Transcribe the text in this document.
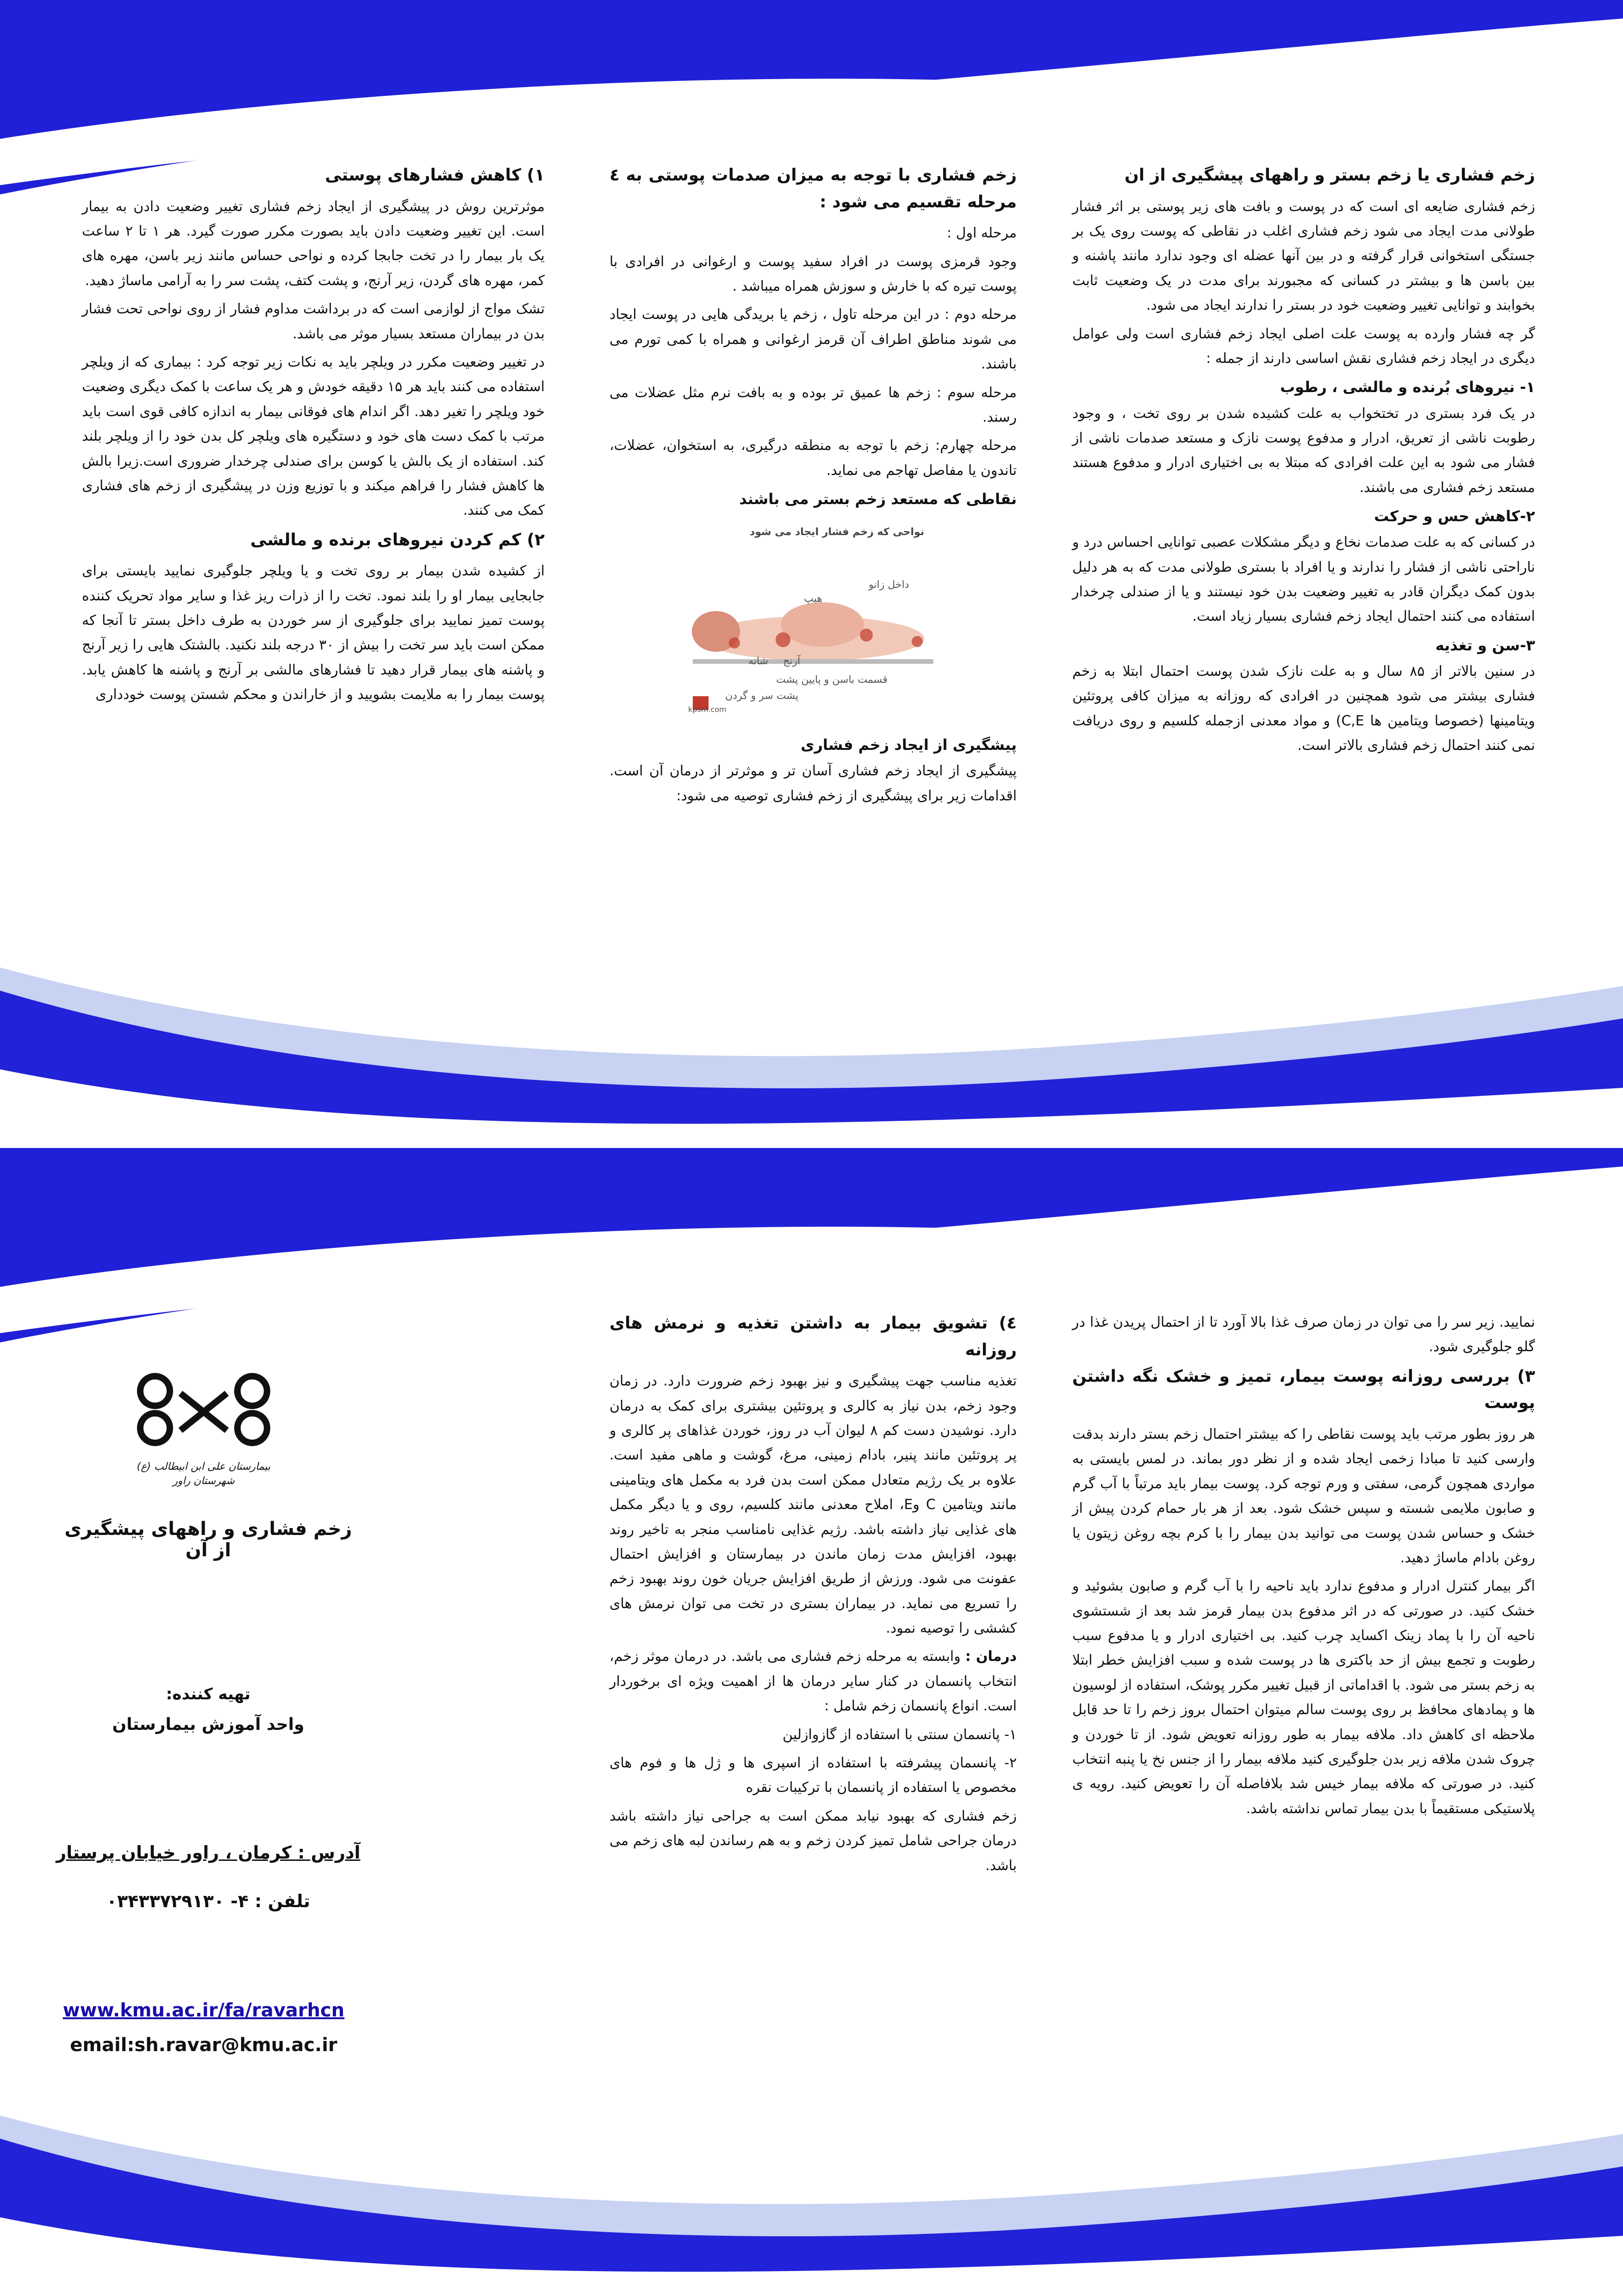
زخم فشاری یا زخم بستر و راههای پیشگیری از ان

زخم فشاری ضایعه ای است که در پوست و بافت های زیر پوستی بر اثر فشار طولانی مدت ایجاد می شود زخم فشاری اغلب در نقاطی که پوست روی یک بر جستگی استخوانی قرار گرفته و در بین آنها عضله ای وجود ندارد مانند پاشنه و بین باسن ها و بیشتر در کسانی که مجبورند برای مدت در یک وضعیت ثابت بخوابند و توانایی تغییر وضعیت خود در بستر را ندارند ایجاد می شود.

گر چه فشار وارده به پوست علت اصلی ایجاد زخم فشاری است ولی عوامل دیگری در ایجاد زخم فشاری نقش اساسی دارند از جمله :

۱- نیروهای بُرنده و مالشی ، رطوب

در یک فرد بستری در تختخواب به علت کشیده شدن بر روی تخت ، و وجود رطوبت ناشی از تعریق، ادرار و مدفوع پوست نازک و مستعد صدمات ناشی از فشار می شود به این علت افرادی که مبتلا به بی اختیاری ادرار و مدفوع هستند مستعد زخم فشاری می باشند.

۲-کاهش حس و حرکت

در کسانی که به علت صدمات نخاع و دیگر مشکلات عصبی توانایی احساس درد و ناراحتی ناشی از فشار را ندارند و یا افراد با بستری طولانی مدت که به هر دلیل بدون کمک دیگران قادر به تغییر وضعیت بدن خود نیستند و یا از صندلی چرخدار استفاده می کنند احتمال ایجاد زخم فشاری بسیار زیاد است.

۳-سن و تغذیه

در سنین بالاتر از ۸۵ سال و به علت نازک شدن پوست احتمال ابتلا به زخم فشاری بیشتر می شود همچنین در افرادی که روزانه به میزان کافی پروتئین ویتامینها (خصوصا ویتامین ها C,E) و مواد معدنی ازجمله کلسیم و روی دریافت نمی کنند احتمال زخم فشاری بالاتر است.

زخم فشاری با توجه به میزان صدمات پوستی به ٤ مرحله تقسیم می شود :

مرحله اول :

وجود قرمزی پوست در افراد سفید پوست و ارغوانی در افرادی با پوست تیره که با خارش و سوزش همراه میباشد .

مرحله دوم : در این مرحله تاول ، زخم یا بریدگی هایی در پوست ایجاد می شوند مناطق اطراف آن قرمز ارغوانی و همراه با کمی تورم می باشند.

مرحله سوم : زخم ها عمیق تر بوده و به بافت نرم مثل عضلات می رسند.

مرحله چهارم: زخم با توجه به منطقه درگیری، به استخوان، عضلات، تاندون یا مفاصل تهاجم می نماید.

نقاطی که مستعد زخم بستر می باشند
نواحی که زخم فشار ایجاد می شود
هیپ
داخل زانو
آرنج
شانه
قسمت باسن و پایین پشت
پشت سر و گردن
kpsm.com
پیشگیری از ایجاد زخم فشاری

پیشگیری از ایجاد زخم فشاری آسان تر و موثرتر از درمان آن است. اقدامات زیر برای پیشگیری از زخم فشاری توصیه می شود:

۱) کاهش فشارهای پوستی

موثرترین روش در پیشگیری از ایجاد زخم فشاری تغییر وضعیت دادن به بیمار است. این تغییر وضعیت دادن باید بصورت مکرر صورت گیرد. هر ۱ تا ۲ ساعت یک بار بیمار را در تخت جابجا کرده و نواحی حساس مانند زیر باسن، مهره های کمر، مهره های گردن، زیر آرنج، و پشت کتف، پشت سر را به آرامی ماساژ دهید.

تشک مواج از لوازمی است که در برداشت مداوم فشار از روی نواحی تحت فشار بدن در بیماران مستعد بسیار موثر می باشد.

در تغییر وضعیت مکرر در ویلچر باید به نکات زیر توجه کرد : بیماری که از ویلچر استفاده می کنند باید هر ۱۵ دقیقه خودش و هر یک ساعت با کمک دیگری وضعیت خود ویلچر را تغیر دهد. اگر اندام های فوقانی بیمار به اندازه کافی قوی است باید مرتب با کمک دست های خود و دستگیره های ویلچر کل بدن خود را از ویلچر بلند کند. استفاده از یک بالش یا کوسن برای صندلی چرخدار ضروری است.زیرا بالش ها کاهش فشار را فراهم میکند و با توزیع وزن در پیشگیری از زخم های فشاری کمک می کنند.

۲) کم کردن نیروهای برنده و مالشی

از کشیده شدن بیمار بر روی تخت و یا ویلچر جلوگیری نمایید بایستی برای جابجایی بیمار او را بلند نمود. تخت را از ذرات ریز غذا و سایر مواد تحریک کننده پوست تمیز نمایید برای جلوگیری از سر خوردن به طرف داخل بستر تا آنجا که ممکن است باید سر تخت را بیش از ۳۰ درجه بلند نکنید. بالشتک هایی را زیر آرنج و پاشنه های بیمار قرار دهید تا فشارهای مالشی بر آرنج و پاشنه ها کاهش یابد. پوست بیمار را به ملایمت بشویید و از خاراندن و محکم شستن پوست خودداری

نمایید. زیر سر را می توان در زمان صرف غذا بالا آورد تا از احتمال پریدن غذا در گلو جلوگیری شود.

۳) بررسی روزانه پوست بیمار، تمیز و خشک نگه داشتن پوست

هر روز بطور مرتب باید پوست نقاطی را که بیشتر احتمال زخم بستر دارند بدقت وارسی کنید تا مبادا زخمی ایجاد شده و از نظر دور بماند. در لمس بایستی به مواردی همچون گرمی، سفتی و ورم توجه کرد. پوست بیمار باید مرتباً با آب گرم و صابون ملایمی شسته و سپس خشک شود. بعد از هر بار حمام کردن پیش از خشک و حساس شدن پوست می توانید بدن بیمار را با کرم بچه روغن زیتون یا روغن بادام ماساژ دهید.

اگر بیمار کنترل ادرار و مدفوع ندارد باید ناحیه را با آب گرم و صابون بشوئید و خشک کنید. در صورتی که در اثر مدفوع بدن بیمار قرمز شد بعد از شستشوی ناحیه آن را با پماد زینک اکساید چرب کنید. بی اختیاری ادرار و یا مدفوع سبب رطوبت و تجمع بیش از حد باکتری ها در پوست شده و سبب افزایش خطر ابتلا به زخم بستر می شود. با اقداماتی از قبیل تغییر مکرر پوشک، استفاده از لوسیون ها و پمادهای محافظ بر روی پوست سالم میتوان احتمال بروز زخم را تا حد قابل ملاحظه ای کاهش داد. ملافه بیمار به طور روزانه تعویض شود. از تا خوردن و چروک شدن ملافه زیر بدن جلوگیری کنید ملافه بیمار را از جنس نخ یا پنبه انتخاب کنید. در صورتی که ملافه بیمار خیس شد بلافاصله آن را تعویض کنید. رویه ی پلاستیکی مستقیماً با بدن بیمار تماس نداشته باشد.

٤) تشویق بیمار به داشتن تغذیه و نرمش های روزانه

تغذیه مناسب جهت پیشگیری و نیز بهبود زخم ضرورت دارد. در زمان وجود زخم، بدن نیاز به کالری و پروتئین بیشتری برای کمک به درمان دارد. نوشیدن دست کم ۸ لیوان آب در روز، خوردن غذاهای پر کالری و پر پروتئین مانند پنیر، بادام زمینی، مرغ، گوشت و ماهی مفید است. علاوه بر یک رژیم متعادل ممکن است بدن فرد به مکمل های ویتامینی مانند ویتامین C وE، املاح معدنی مانند کلسیم، روی و یا دیگر مکمل های غذایی نیاز داشته باشد. رژیم غذایی نامناسب منجر به تاخیر روند بهبود، افزایش مدت زمان ماندن در بیمارستان و افزایش احتمال عفونت می شود. ورزش از طریق افزایش جریان خون روند بهبود زخم را تسریع می نماید. در بیماران بستری در تخت می توان نرمش های کششی را توصیه نمود.

درمان : وابسته به مرحله زخم فشاری می باشد. در درمان موثر زخم، انتخاب پانسمان در کنار سایر درمان ها از اهمیت ویژه ای برخوردار است. انواع پانسمان زخم شامل :

۱- پانسمان سنتی با استفاده از گازوازلین

۲- پانسمان پیشرفته با استفاده از اسپری ها و ژل ها و فوم های مخصوص یا استفاده از پانسمان با ترکیبات نقره

زخم فشاری که بهبود نیابد ممکن است به جراحی نیاز داشته باشد درمان جراحی شامل تمیز کردن زخم و به هم رساندن لبه های زخم می باشد.

بیمارستان علی ابن ابیطالب (ع) شهرستان راور
زخم فشاری و راههای پیشگیری از آن
تهیه کننده:
واحد آموزش بیمارستان
آدرس : کرمان ، راور خیابان پرستار
تلفن : ۴- ۰۳۴۳۳۷۲۹۱۳۰
www.kmu.ac.ir/fa/ravarhcn
email:sh.ravar@kmu.ac.ir
